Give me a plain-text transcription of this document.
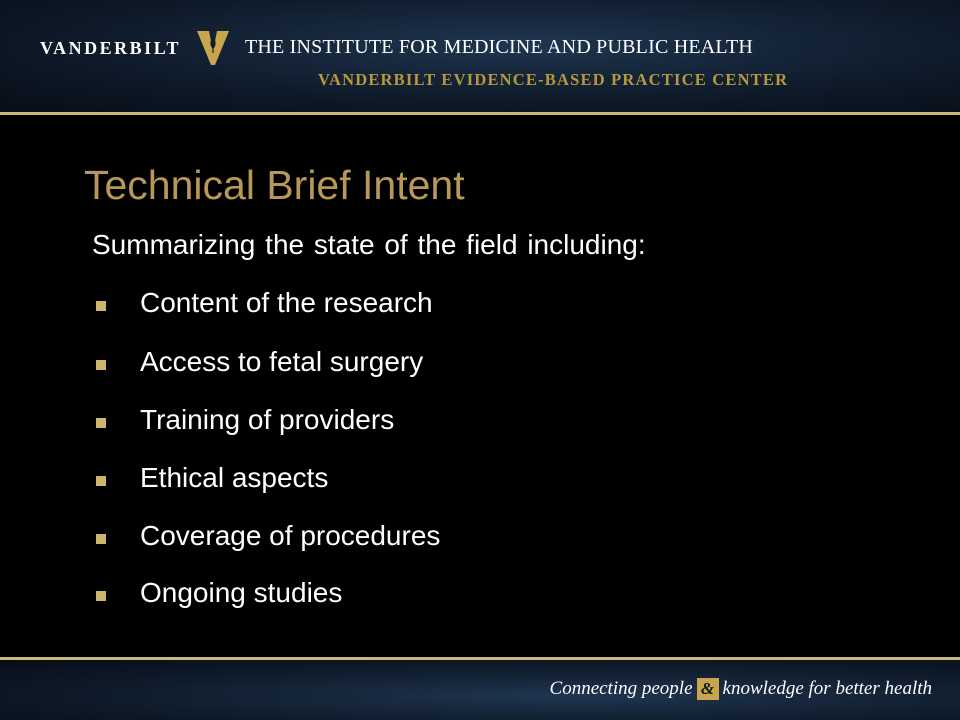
VANDERBILT	THE INSTITUTE FOR MEDICINE AND PUBLIC HEALTH
VANDERBILT EVIDENCE-BASED PRACTICE CENTER
Technical Brief Intent
Summarizing the state of the field including:
Content of the research
Access to fetal surgery
Training of providers
Ethical aspects
Coverage of procedures
Ongoing studies
Connecting people & knowledge for better health
